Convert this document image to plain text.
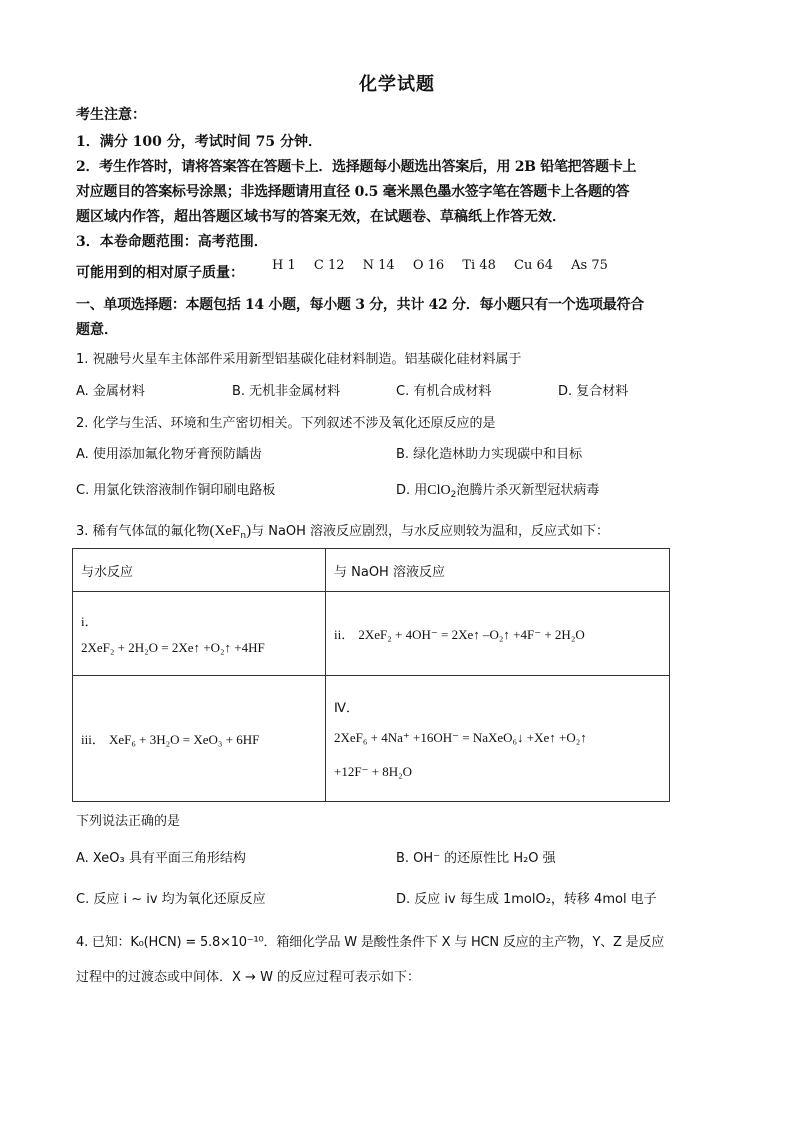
化学试题
考生注意：
1．满分 100 分，考试时间 75 分钟．
2．考生作答时，请将答案答在答题卡上．选择题每小题选出答案后，用 2B 铅笔把答题卡上
对应题目的答案标号涂黑；非选择题请用直径 0.5 毫米黑色墨水签字笔在答题卡上各题的答
题区域内作答，超出答题区域书写的答案无效，在试题卷、草稿纸上作答无效．
3．本卷命题范围：高考范围．
可能用到的相对原子质量： H 1 C 12 N 14 O 16 Ti 48 Cu 64 As 75
一、单项选择题：本题包括 14 小题，每小题 3 分，共计 42 分．每小题只有一个选项最符合
题意．
1. 祝融号火星车主体部件采用新型铝基碳化硅材料制造。铝基碳化硅材料属于
A. 金属材料	B. 无机非金属材料	C. 有机合成材料	D. 复合材料
2. 化学与生活、环境和生产密切相关。下列叙述不涉及氧化还原反应的是
A. 使用添加氟化物牙膏预防龋齿	B. 绿化造林助力实现碳中和目标
C. 用氯化铁溶液制作铜印刷电路板	D. 用ClO$_2$泡腾片杀灭新型冠状病毒
3. 稀有气体氙的氟化物(XeF$_n$)与 NaOH 溶液反应剧烈，与水反应则较为温和，反应式如下：
与水反应	与 NaOH 溶液反应

i．
2XeF₂ + 2H₂O = 2Xe↑ +O₂↑ +4HF	ii． 2XeF₂ + 4OH⁻ = 2Xe↑ –O₂↑ +4F⁻ + 2H₂O
iii． XeF₆ + 3H₂O = XeO₃ + 6HF	Ⅳ．
2XeF₆ + 4Na⁺ +16OH⁻ = NaXeO₆↓ +Xe↑ +O₂↑
+12F⁻ + 8H₂O
下列说法正确的是
A. XeO₃ 具有平面三角形结构	B. OH⁻ 的还原性比 H₂O 强
C. 反应 i ~ iv 均为氧化还原反应	D. 反应 iv 每生成 1molO₂，转移 4mol 电子
4. 已知：K₀(HCN) = 5.8×10⁻¹⁰．箱细化学品 W 是酸性条件下 X 与 HCN 反应的主产物，Y、Z 是反应
过程中的过渡态或中间体．X → W 的反应过程可表示如下：
